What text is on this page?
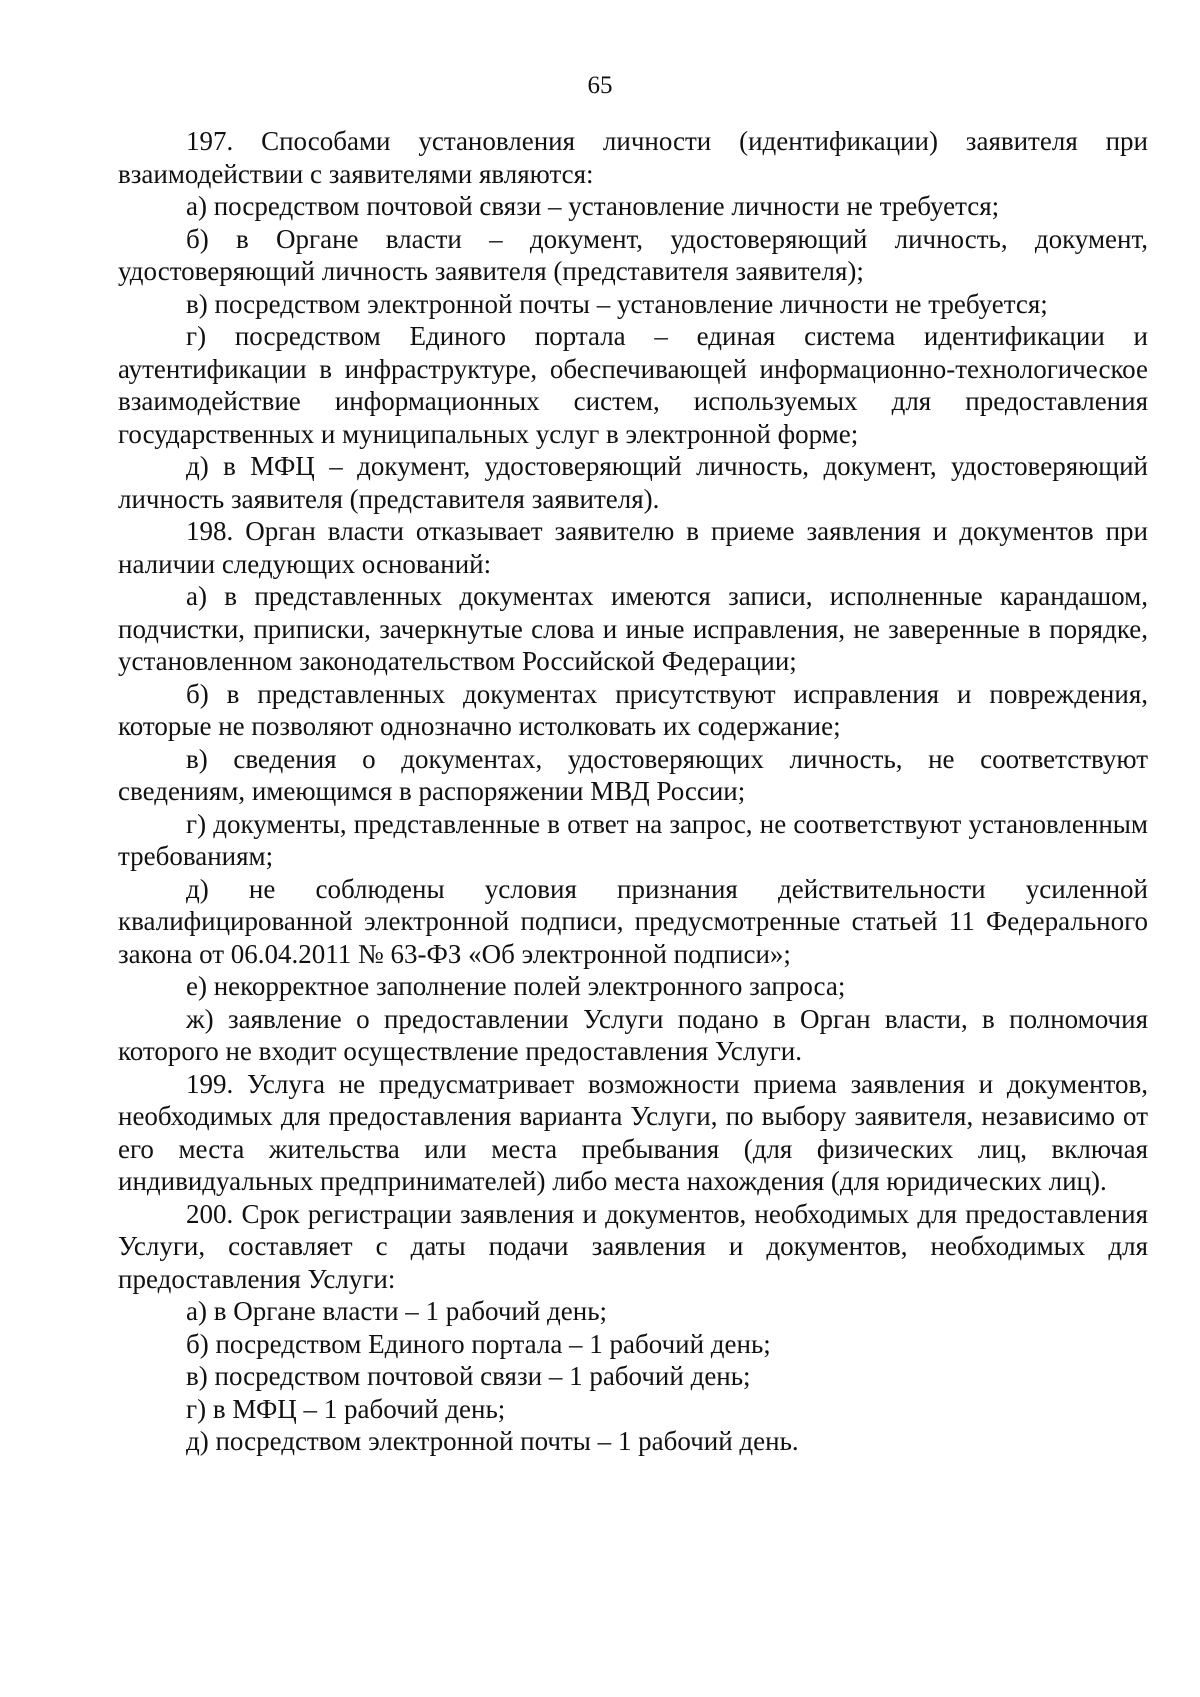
65

197. Способами установления личности (идентификации) заявителя при взаимодействии с заявителями являются:

а) посредством почтовой связи – установление личности не требуется;

б) в Органе власти – документ, удостоверяющий личность, документ, удостоверяющий личность заявителя (представителя заявителя);

в) посредством электронной почты – установление личности не требуется;

г) посредством Единого портала – единая система идентификации и аутентификации в инфраструктуре, обеспечивающей информационно-технологическое взаимодействие информационных систем, используемых для предоставления государственных и муниципальных услуг в электронной форме;

д) в МФЦ – документ, удостоверяющий личность, документ, удостоверяющий личность заявителя (представителя заявителя).

198. Орган власти отказывает заявителю в приеме заявления и документов при наличии следующих оснований:

а) в представленных документах имеются записи, исполненные карандашом, подчистки, приписки, зачеркнутые слова и иные исправления, не заверенные в порядке, установленном законодательством Российской Федерации;

б) в представленных документах присутствуют исправления и повреждения, которые не позволяют однозначно истолковать их содержание;

в) сведения о документах, удостоверяющих личность, не соответствуют сведениям, имеющимся в распоряжении МВД России;

г) документы, представленные в ответ на запрос, не соответствуют установленным требованиям;

д) не соблюдены условия признания действительности усиленной квалифицированной электронной подписи, предусмотренные статьей 11 Федерального закона от 06.04.2011 № 63-ФЗ «Об электронной подписи»;

е) некорректное заполнение полей электронного запроса;

ж) заявление о предоставлении Услуги подано в Орган власти, в полномочия которого не входит осуществление предоставления Услуги.

199. Услуга не предусматривает возможности приема заявления и документов, необходимых для предоставления варианта Услуги, по выбору заявителя, независимо от его места жительства или места пребывания (для физических лиц, включая индивидуальных предпринимателей) либо места нахождения (для юридических лиц).

200. Срок регистрации заявления и документов, необходимых для предоставления Услуги, составляет с даты подачи заявления и документов, необходимых для предоставления Услуги:

а) в Органе власти – 1 рабочий день;

б) посредством Единого портала – 1 рабочий день;

в) посредством почтовой связи – 1 рабочий день;

г) в МФЦ – 1 рабочий день;

д) посредством электронной почты – 1 рабочий день.
